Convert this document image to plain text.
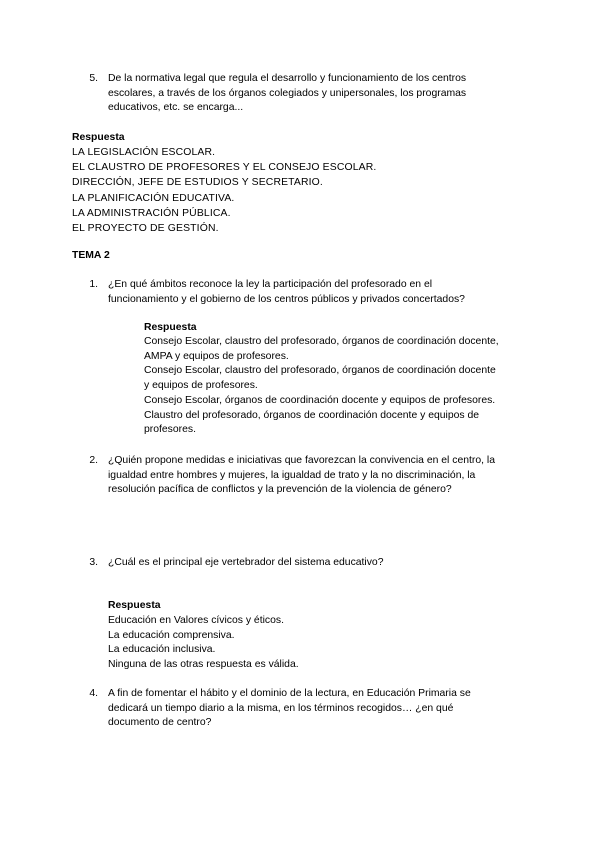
5. De la normativa legal que regula el desarrollo y funcionamiento de los centros
escolares, a través de los órganos colegiados y unipersonales, los programas
educativos, etc. se encarga...
Respuesta
LA LEGISLACIÓN ESCOLAR.
EL CLAUSTRO DE PROFESORES Y EL CONSEJO ESCOLAR.
DIRECCIÓN, JEFE DE ESTUDIOS Y SECRETARIO.
LA PLANIFICACIÓN EDUCATIVA.
LA ADMINISTRACIÓN PÚBLICA.
EL PROYECTO DE GESTIÓN.
TEMA 2
1. ¿En qué ámbitos reconoce la ley la participación del profesorado en el
funcionamiento y el gobierno de los centros públicos y privados concertados?
Respuesta
Consejo Escolar, claustro del profesorado, órganos de coordinación docente,
AMPA y equipos de profesores.
Consejo Escolar, claustro del profesorado, órganos de coordinación docente
y equipos de profesores.
Consejo Escolar, órganos de coordinación docente y equipos de profesores.
Claustro del profesorado, órganos de coordinación docente y equipos de
profesores.
2. ¿Quién propone medidas e iniciativas que favorezcan la convivencia en el centro, la
igualdad entre hombres y mujeres, la igualdad de trato y la no discriminación, la
resolución pacífica de conflictos y la prevención de la violencia de género?
3. ¿Cuál es el principal eje vertebrador del sistema educativo?
Respuesta
Educación en Valores cívicos y éticos.
La educación comprensiva.
La educación inclusiva.
Ninguna de las otras respuesta es válida.
4. A fin de fomentar el hábito y el dominio de la lectura, en Educación Primaria se
dedicará un tiempo diario a la misma, en los términos recogidos… ¿en qué
documento de centro?
